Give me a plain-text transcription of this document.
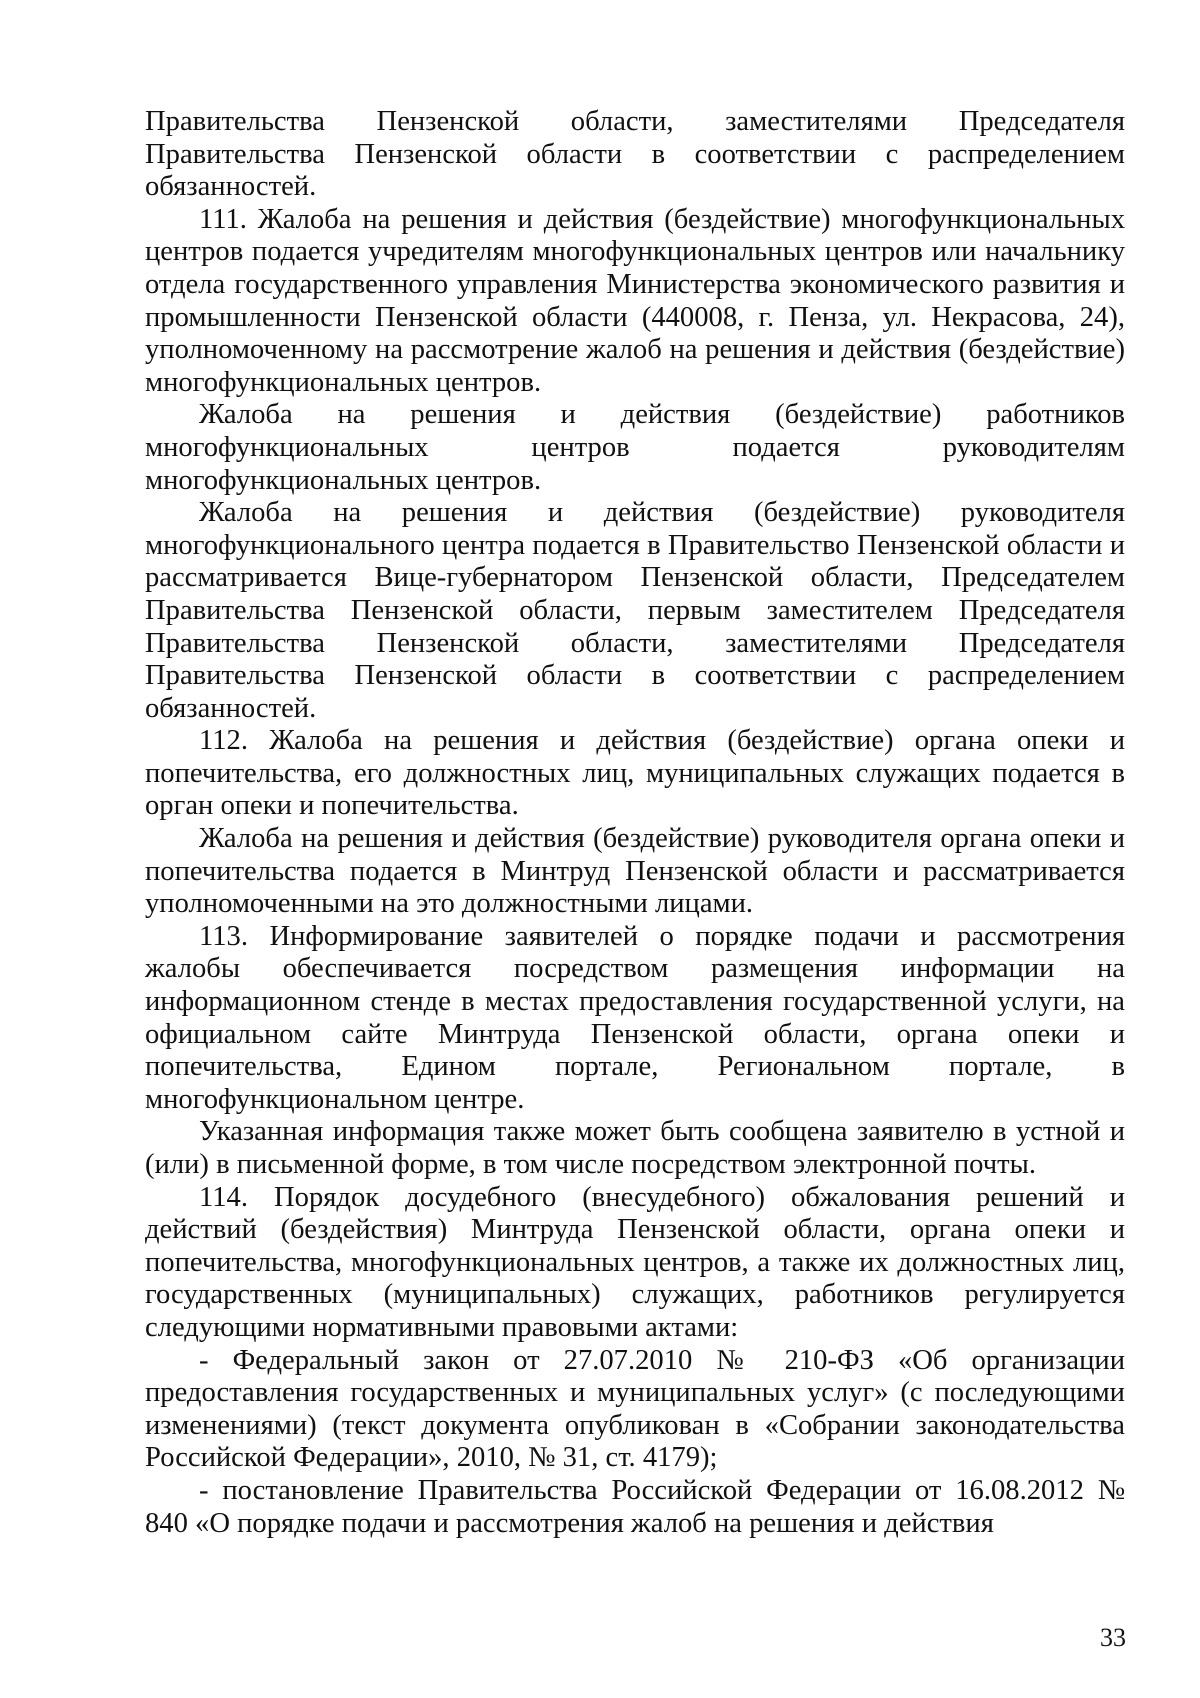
Правительства Пензенской области, заместителями Председателя Правительства Пензенской области в соответствии с распределением обязанностей.

111. Жалоба на решения и действия (бездействие) многофункциональных центров подается учредителям многофункциональных центров или начальнику отдела государственного управления Министерства экономического развития и промышленности Пензенской области (440008, г. Пенза, ул. Некрасова, 24), уполномоченному на рассмотрение жалоб на решения и действия (бездействие) многофункциональных центров.

Жалоба на решения и действия (бездействие) работников многофункциональных центров подается руководителям многофункциональных центров.

Жалоба на решения и действия (бездействие) руководителя многофункционального центра подается в Правительство Пензенской области и рассматривается Вице-губернатором Пензенской области, Председателем Правительства Пензенской области, первым заместителем Председателя Правительства Пензенской области, заместителями Председателя Правительства Пензенской области в соответствии с распределением обязанностей.

112. Жалоба на решения и действия (бездействие) органа опеки и попечительства, его должностных лиц, муниципальных служащих подается в орган опеки и попечительства.

Жалоба на решения и действия (бездействие) руководителя органа опеки и попечительства подается в Минтруд Пензенской области и рассматривается уполномоченными на это должностными лицами.

113. Информирование заявителей о порядке подачи и рассмотрения жалобы обеспечивается посредством размещения информации на информационном стенде в местах предоставления государственной услуги, на официальном сайте Минтруда Пензенской области, органа опеки и попечительства, Едином портале, Региональном портале, в многофункциональном центре.

Указанная информация также может быть сообщена заявителю в устной и (или) в письменной форме, в том числе посредством электронной почты.

114. Порядок досудебного (внесудебного) обжалования решений и действий (бездействия) Минтруда Пензенской области, органа опеки и попечительства, многофункциональных центров, а также их должностных лиц, государственных (муниципальных) служащих, работников регулируется следующими нормативными правовыми актами:

- Федеральный закон от 27.07.2010 № 210-ФЗ «Об организации предоставления государственных и муниципальных услуг» (с последующими изменениями) (текст документа опубликован в «Собрании законодательства Российской Федерации», 2010, № 31, ст. 4179);

- постановление Правительства Российской Федерации от 16.08.2012 № 840 «О порядке подачи и рассмотрения жалоб на решения и действия

33
